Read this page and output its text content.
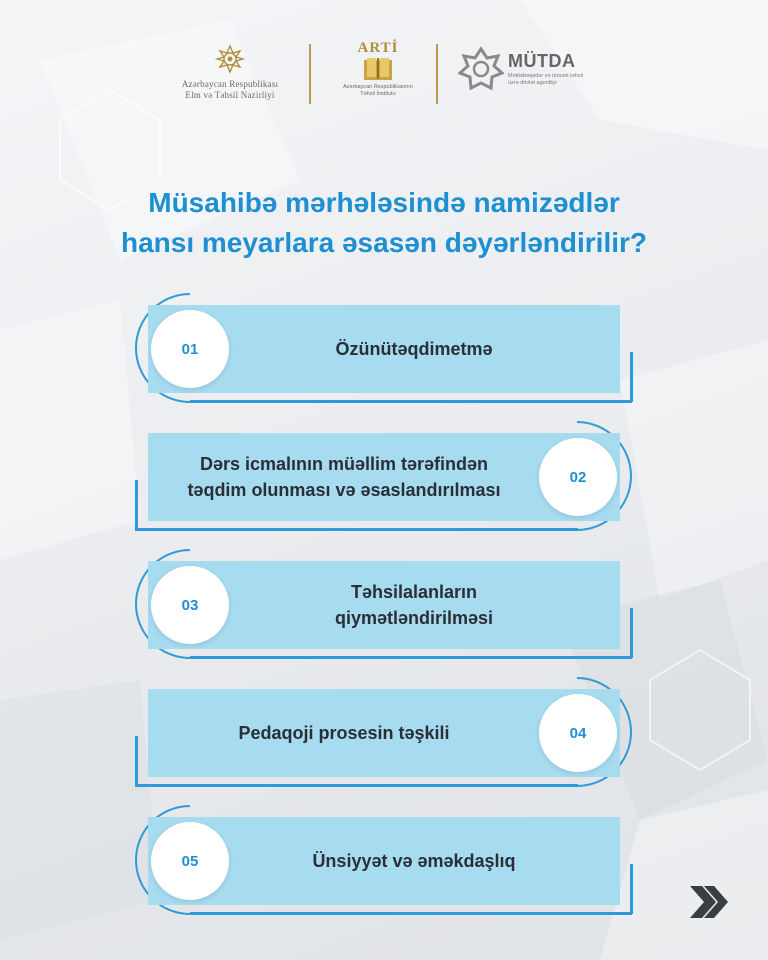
Azərbaycan Respublikası
Elm və Təhsil Nazirliyi
ARTİ
Azərbaycan Respublikasının
Təhsil İnstitutu
MÜTDA
Məktəbəqədər və ümumi təhsil
üzrə dövlət agentliyi
Müsahibə mərhələsində namizədlər
hansı meyarlara əsasən dəyərləndirilir?
Özünütəqdimetmə
01
Dərs icmalının müəllim tərəfindən
təqdim olunması və əsaslandırılması
02
Təhsilalanların
qiymətləndirilməsi
03
Pedaqoji prosesin təşkili	04
Ünsiyyət və əməkdaşlıq
05
